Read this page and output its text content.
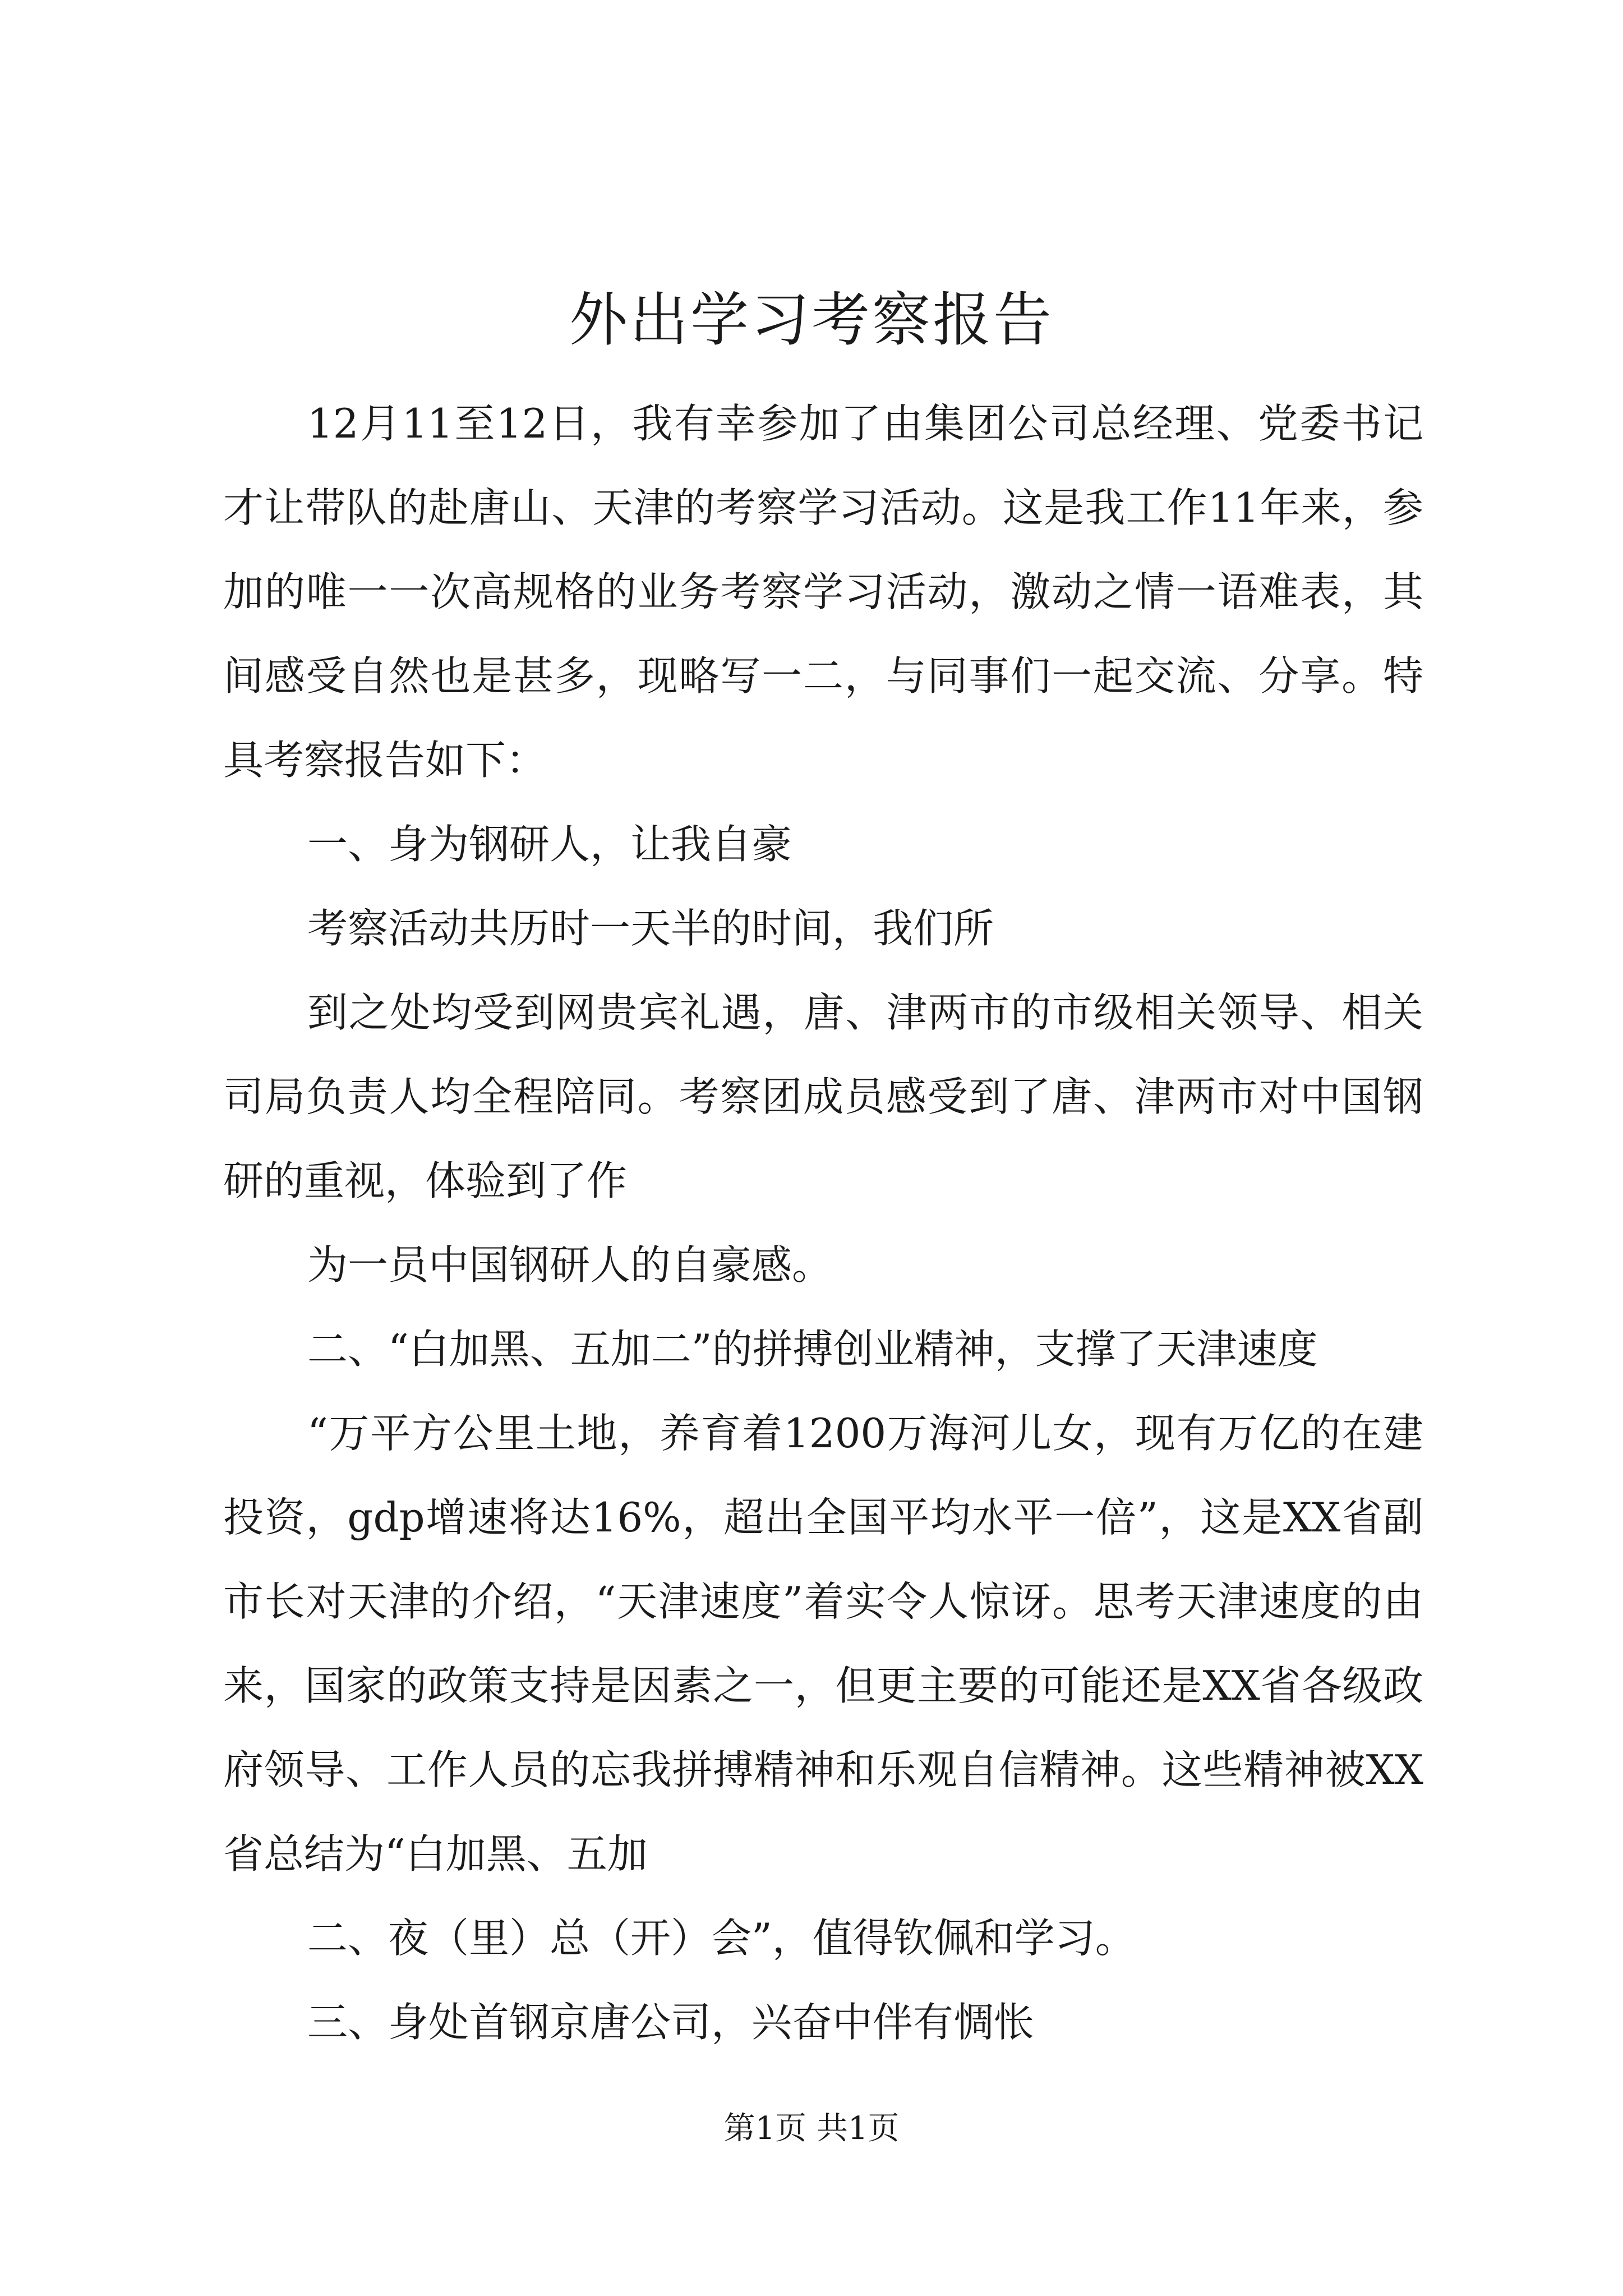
外出学习考察报告

12月11至12日，我有幸参加了由集团公司总经理、党委书记才让带队的赴唐山、天津的考察学习活动。这是我工作11年来，参加的唯一一次高规格的业务考察学习活动，激动之情一语难表，其间感受自然也是甚多，现略写一二，与同事们一起交流、分享。特具考察报告如下：

一、身为钢研人，让我自豪

考察活动共历时一天半的时间，我们所

到之处均受到网贵宾礼遇，唐、津两市的市级相关领导、相关司局负责人均全程陪同。考察团成员感受到了唐、津两市对中国钢研的重视，体验到了作

为一员中国钢研人的自豪感。

二、“白加黑、五加二”的拼搏创业精神，支撑了天津速度

“万平方公里土地，养育着1200万海河儿女，现有万亿的在建投资，gdp增速将达16%，超出全国平均水平一倍”，这是XX省副市长对天津的介绍，“天津速度”着实令人惊讶。思考天津速度的由来，国家的政策支持是因素之一，但更主要的可能还是XX省各级政府领导、工作人员的忘我拼搏精神和乐观自信精神。这些精神被XX省总结为“白加黑、五加

二、夜（里）总（开）会”，值得钦佩和学习。

三、身处首钢京唐公司，兴奋中伴有惆怅

第1页 共1页
